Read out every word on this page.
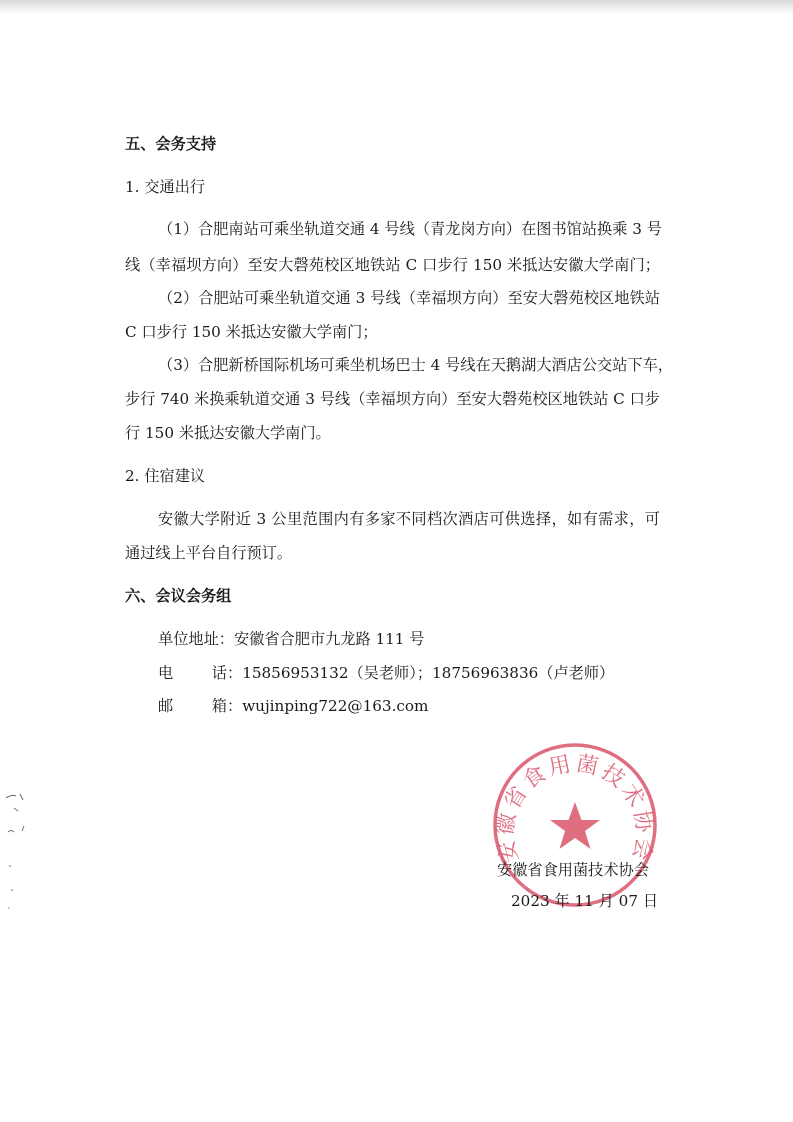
五、会务支持
1. 交通出行
（1）合肥南站可乘坐轨道交通 4 号线（青龙岗方向）在图书馆站换乘 3 号
线（幸福坝方向）至安大磬苑校区地铁站 C 口步行 150 米抵达安徽大学南门；
（2）合肥站可乘坐轨道交通 3 号线（幸福坝方向）至安大磬苑校区地铁站
C 口步行 150 米抵达安徽大学南门；
（3）合肥新桥国际机场可乘坐机场巴士 4 号线在天鹅湖大酒店公交站下车，
步行 740 米换乘轨道交通 3 号线（幸福坝方向）至安大磬苑校区地铁站 C 口步
行 150 米抵达安徽大学南门。
2. 住宿建议
安徽大学附近 3 公里范围内有多家不同档次酒店可供选择，如有需求，可
通过线上平台自行预订。
六、会议会务组
单位地址：安徽省合肥市九龙路 111 号
电        话：15856953132（吴老师）；18756963836（卢老师）
邮        箱：wujinping722@163.com
安徽省食用菌技术协会
安徽省食用菌技术协会
2023 年 11 月 07 日
